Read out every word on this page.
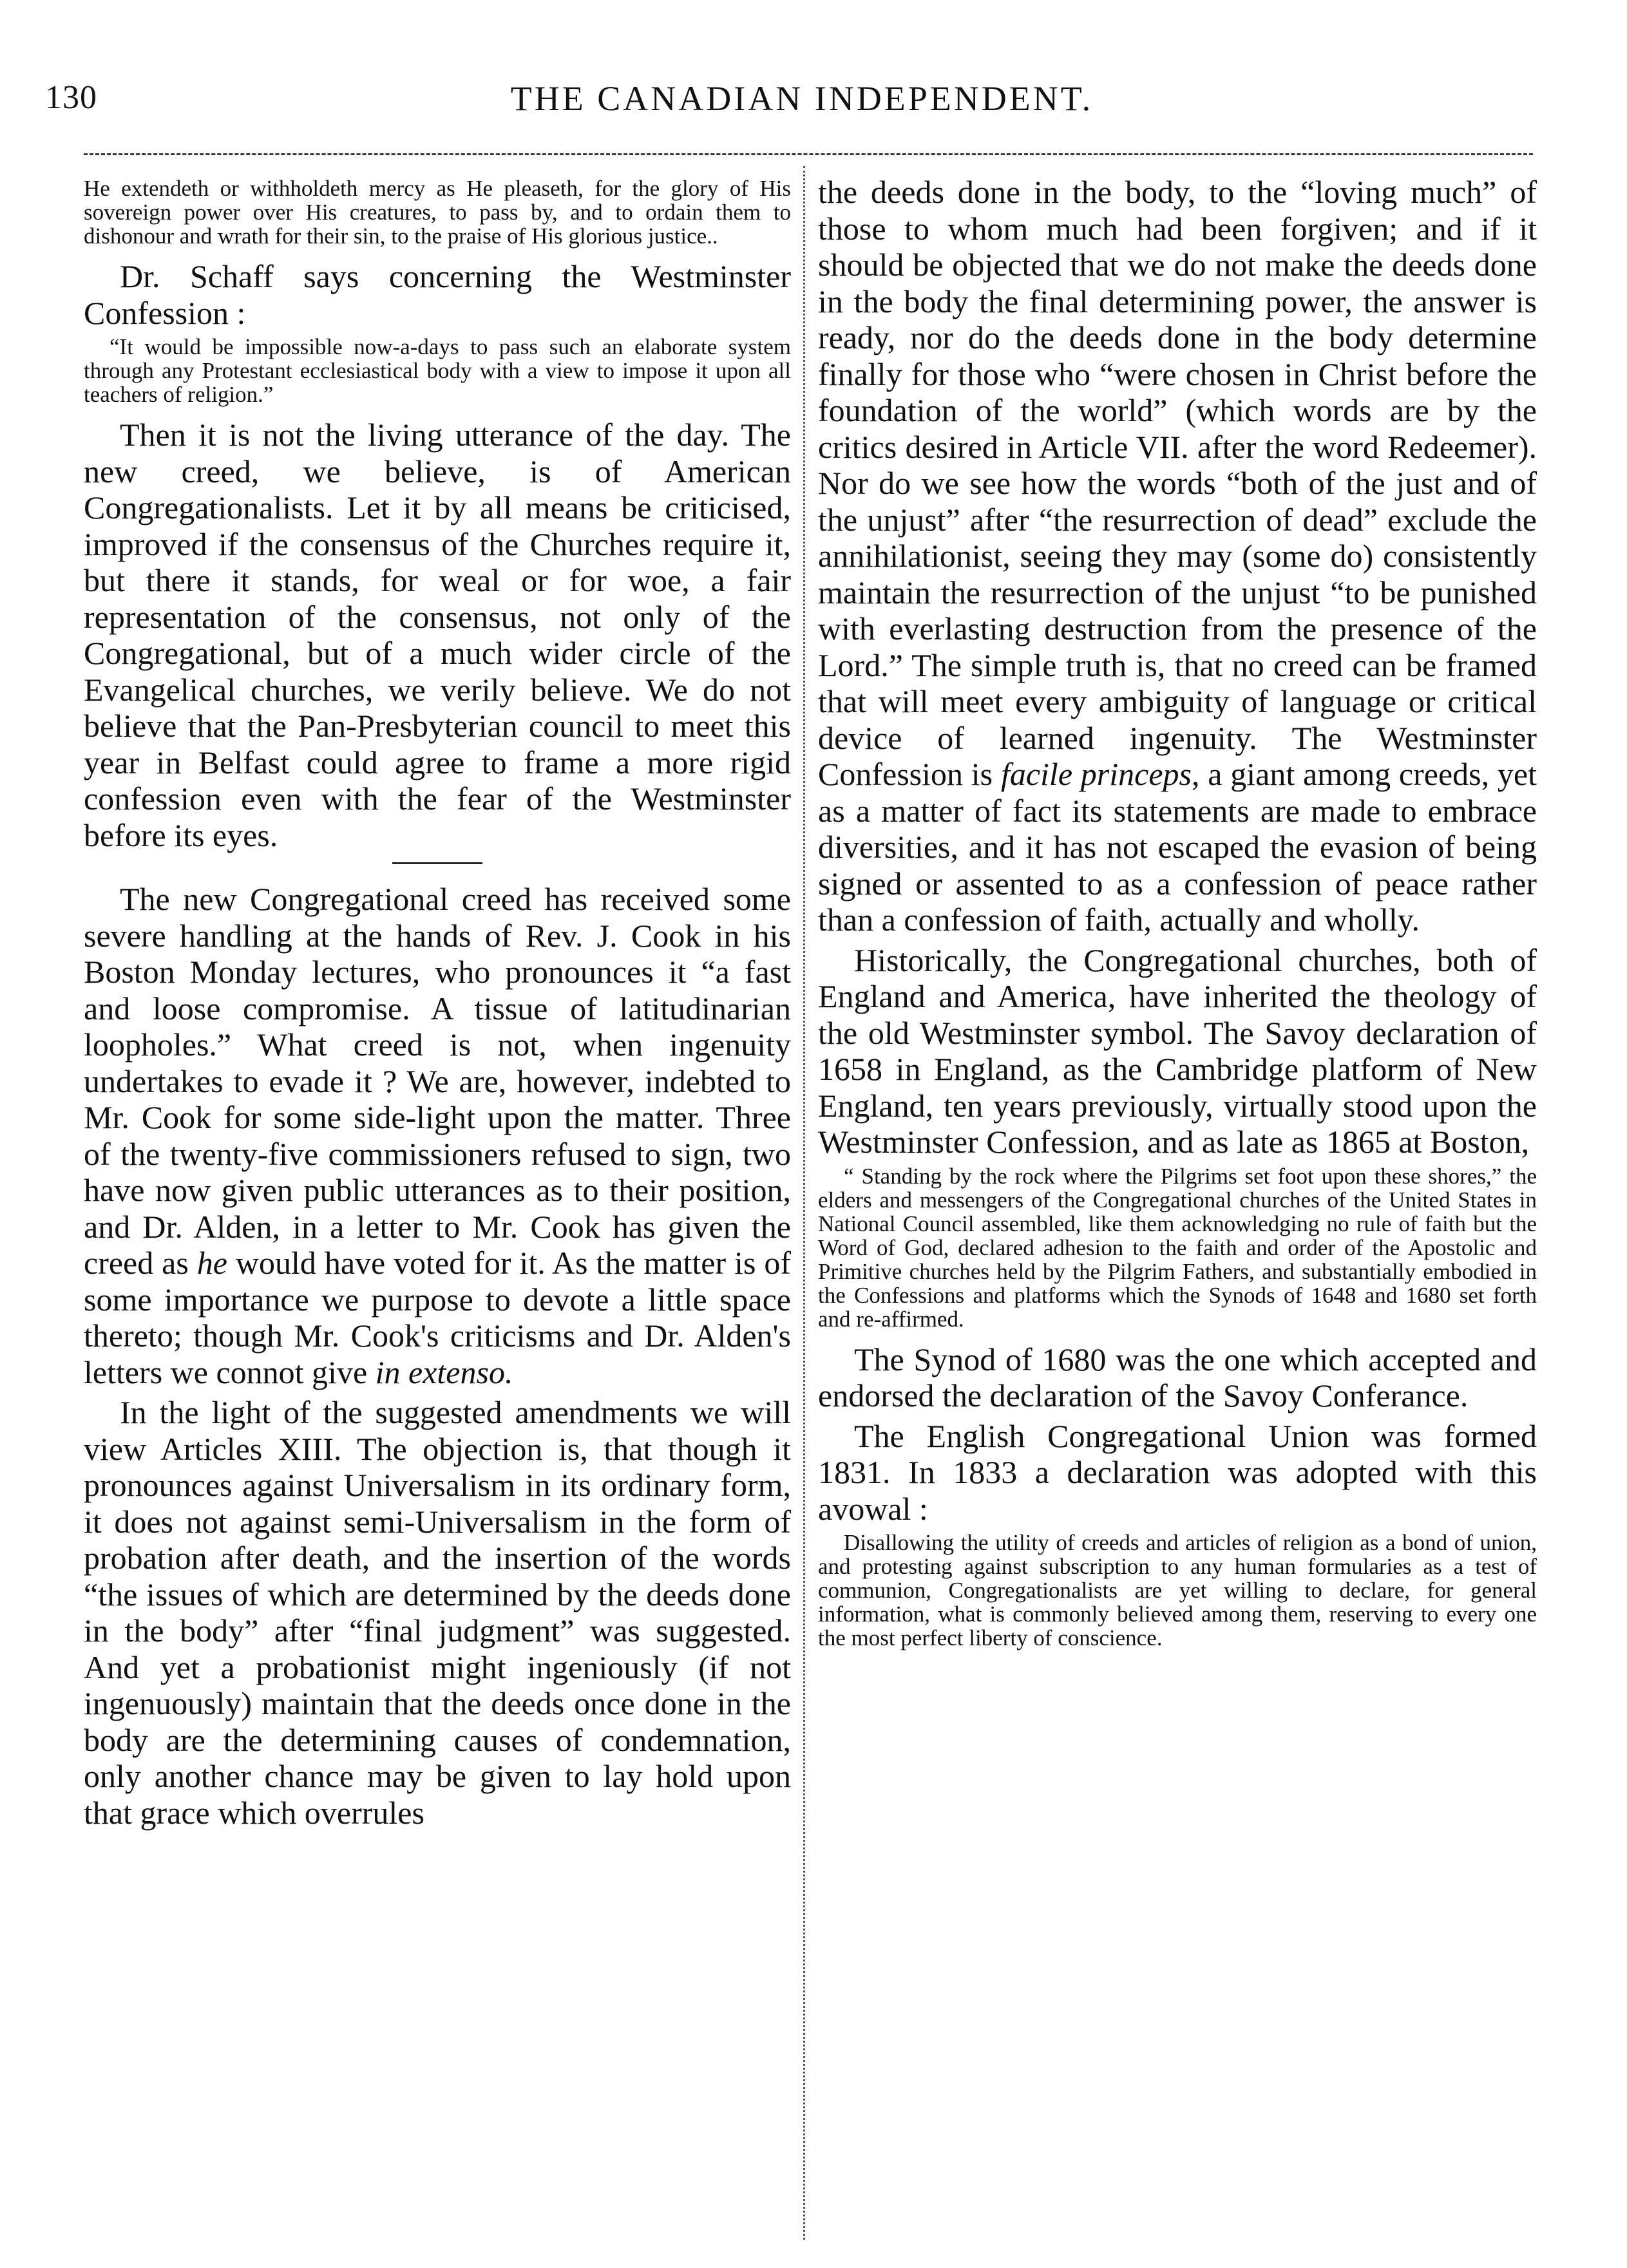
130	THE CANADIAN INDEPENDENT.

He extendeth or withholdeth mercy as He pleaseth, for the glory of His sovereign power over His creatures, to pass by, and to ordain them to dishonour and wrath for their sin, to the praise of His glorious justice..

Dr. Schaff says concerning the Westminster Confession :

“It would be impossible now-a-days to pass such an elaborate system through any Protestant ecclesiastical body with a view to impose it upon all teachers of religion.”

Then it is not the living utterance of the day. The new creed, we believe, is of American Congregationalists. Let it by all means be criticised, improved if the consensus of the Churches require it, but there it stands, for weal or for woe, a fair representation of the consensus, not only of the Congregational, but of a much wider circle of the Evangelical churches, we verily believe. We do not believe that the Pan-Presbyterian council to meet this year in Belfast could agree to frame a more rigid confession even with the fear of the Westminster before its eyes.

The new Congregational creed has received some severe handling at the hands of Rev. J. Cook in his Boston Monday lectures, who pronounces it “a fast and loose compromise. A tissue of latitudinarian loopholes.” What creed is not, when ingenuity undertakes to evade it ? We are, however, indebted to Mr. Cook for some side-light upon the matter. Three of the twenty-five commissioners refused to sign, two have now given public utterances as to their position, and Dr. Alden, in a letter to Mr. Cook has given the creed as he would have voted for it. As the matter is of some importance we purpose to devote a little space thereto; though Mr. Cook's criticisms and Dr. Alden's letters we connot give in extenso.

In the light of the suggested amendments we will view Articles XIII. The objection is, that though it pronounces against Universalism in its ordinary form, it does not against semi-Universalism in the form of probation after death, and the insertion of the words “the issues of which are determined by the deeds done in the body” after “final judgment” was suggested. And yet a probationist might ingeniously (if not ingenuously) maintain that the deeds once done in the body are the determining causes of condemnation, only another chance may be given to lay hold upon that grace which overrules

the deeds done in the body, to the “loving much” of those to whom much had been forgiven; and if it should be objected that we do not make the deeds done in the body the final determining power, the answer is ready, nor do the deeds done in the body determine finally for those who “were chosen in Christ before the foundation of the world” (which words are by the critics desired in Article VII. after the word Redeemer). Nor do we see how the words “both of the just and of the unjust” after “the resurrection of dead” exclude the annihilationist, seeing they may (some do) consistently maintain the resurrection of the unjust “to be punished with everlasting destruction from the presence of the Lord.” The simple truth is, that no creed can be framed that will meet every ambiguity of language or critical device of learned ingenuity. The Westminster Confession is facile princeps, a giant among creeds, yet as a matter of fact its statements are made to embrace diversities, and it has not escaped the evasion of being signed or assented to as a confession of peace rather than a confession of faith, actually and wholly.

Historically, the Congregational churches, both of England and America, have inherited the theology of the old Westminster symbol. The Savoy declaration of 1658 in England, as the Cambridge platform of New England, ten years previously, virtually stood upon the Westminster Confession, and as late as 1865 at Boston,

“ Standing by the rock where the Pilgrims set foot upon these shores,” the elders and messengers of the Congregational churches of the United States in National Council assembled, like them acknowledging no rule of faith but the Word of God, declared adhesion to the faith and order of the Apostolic and Primitive churches held by the Pilgrim Fathers, and substantially embodied in the Confessions and platforms which the Synods of 1648 and 1680 set forth and re-affirmed.

The Synod of 1680 was the one which accepted and endorsed the declaration of the Savoy Conferance.

The English Congregational Union was formed 1831. In 1833 a declaration was adopted with this avowal :

Disallowing the utility of creeds and articles of religion as a bond of union, and protesting against subscription to any human formularies as a test of communion, Congregationalists are yet willing to declare, for general information, what is commonly believed among them, reserving to every one the most perfect liberty of conscience.
